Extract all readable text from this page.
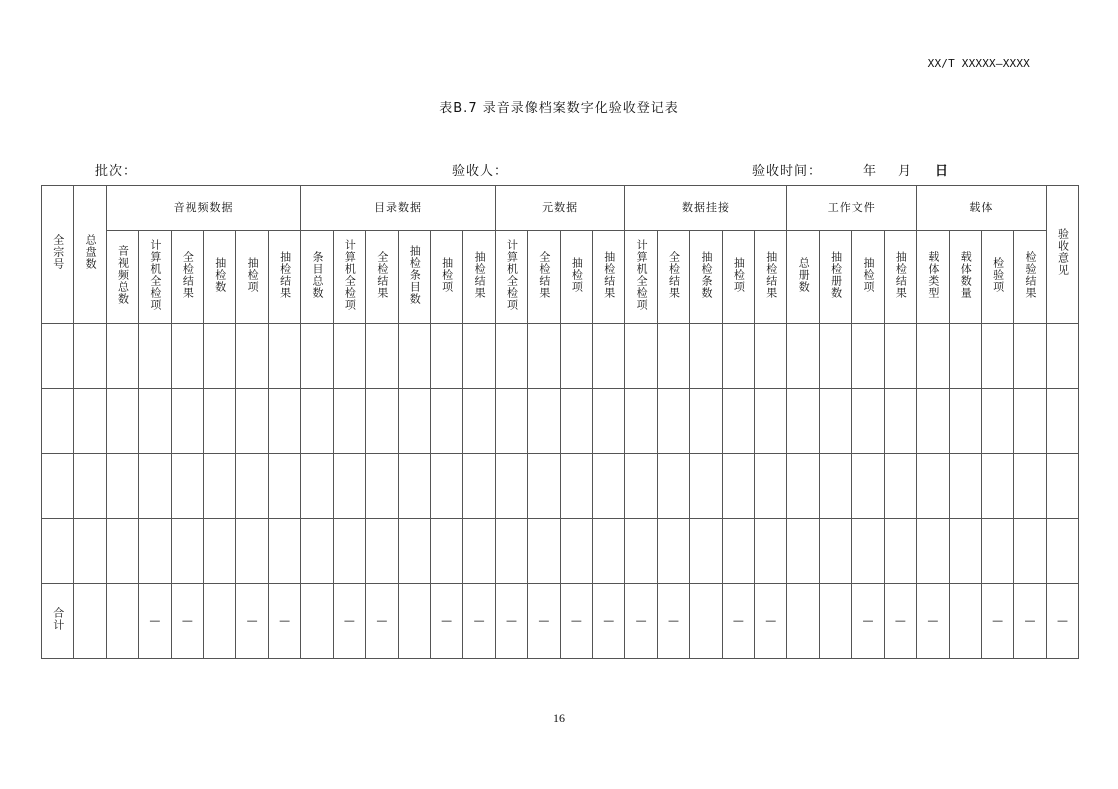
XX/T XXXXX—XXXX
表B.7 录音录像档案数字化验收登记表
批次：	验收人：	验收时间：	年 月 日
全宗号	总盘数	音视频数据						目录数据						元数据				数据挂接					工作文件				载体				验收意见
		音视频总数	计算机全检项	全检结果	抽检数	抽检项	抽检结果	条目总数	计算机全检项	全检结果	抽检条目数	抽检项	抽检结果	计算机全检项	全检结果	抽检项	抽检结果	计算机全检项	全检结果	抽检条数	抽检项	抽检结果	总册数	抽检册数	抽检项	抽检结果	载体类型	载体数量	检验项	检验结果	

合计			—	—		—	—		—	—		—	—	—	—	—	—	—	—		—	—			—	—	—		—	—	—
16
